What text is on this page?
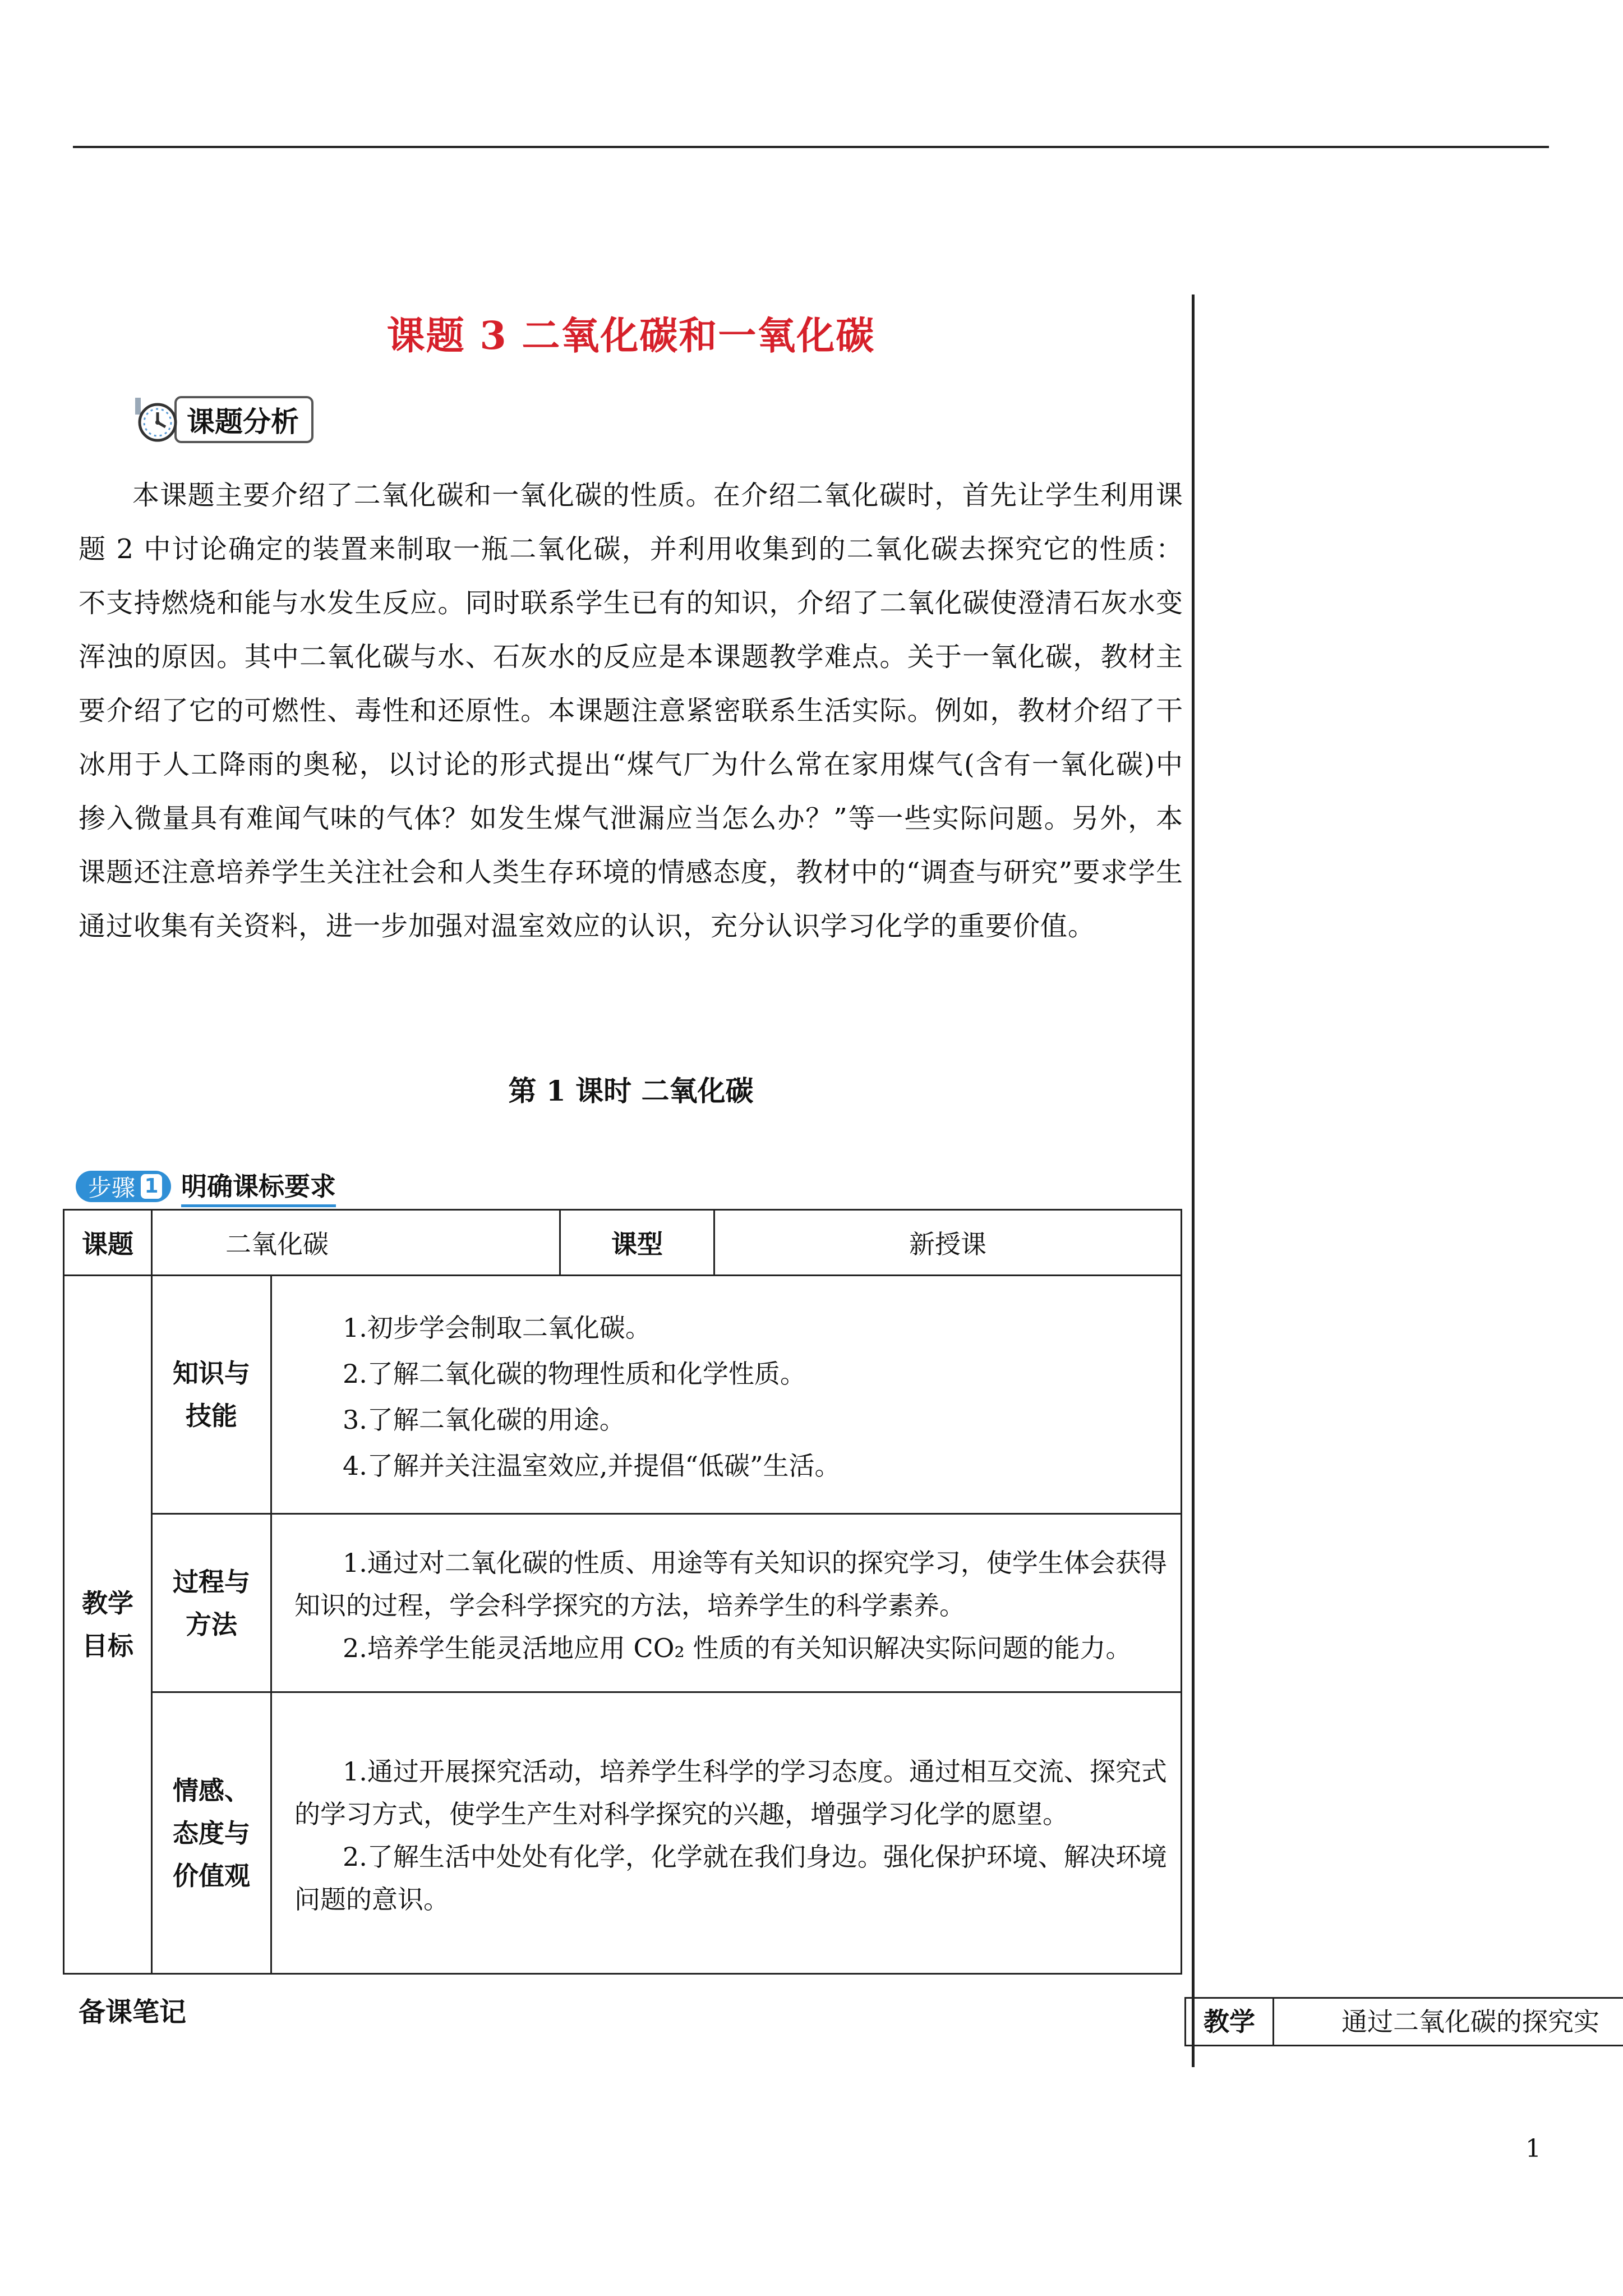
课题 3 二氧化碳和一氧化碳
课题分析
本课题主要介绍了二氧化碳和一氧化碳的性质。在介绍二氧化碳时，首先让学生利用课题 2 中讨论确定的装置来制取一瓶二氧化碳，并利用收集到的二氧化碳去探究它的性质：不支持燃烧和能与水发生反应。同时联系学生已有的知识，介绍了二氧化碳使澄清石灰水变浑浊的原因。其中二氧化碳与水、石灰水的反应是本课题教学难点。关于一氧化碳，教材主要介绍了它的可燃性、毒性和还原性。本课题注意紧密联系生活实际。例如，教材介绍了干冰用于人工降雨的奥秘，以讨论的形式提出“煤气厂为什么常在家用煤气(含有一氧化碳)中掺入微量具有难闻气味的气体？如发生煤气泄漏应当怎么办？”等一些实际问题。另外，本课题还注意培养学生关注社会和人类生存环境的情感态度，教材中的“调查与研究”要求学生通过收集有关资料，进一步加强对温室效应的认识，充分认识学习化学的重要价值。
第 1 课时 二氧化碳
步骤 1 明确课标要求
课题	二氧化碳		课型	新授课
教学目标	知识与技能	1.初步学会制取二氧化碳。

2.了解二氧化碳的物理性质和化学性质。

3.了解二氧化碳的用途。

4.了解并关注温室效应,并提倡“低碳”生活。		

	过程与方法	1.通过对二氧化碳的性质、用途等有关知识的探究学习，使学生体会获得知识的过程，学会科学探究的方法，培养学生的科学素养。

2.培养学生能灵活地应用 CO₂ 性质的有关知识解决实际问题的能力。		

	情感、态度与价值观	1.通过开展探究活动，培养学生科学的学习态度。通过相互交流、探究式的学习方式，使学生产生对科学探究的兴趣，增强学习化学的愿望。

2.了解生活中处处有化学，化学就在我们身边。强化保护环境、解决环境问题的意识。		

备课笔记	教学	通过二氧化碳的探究实
1
